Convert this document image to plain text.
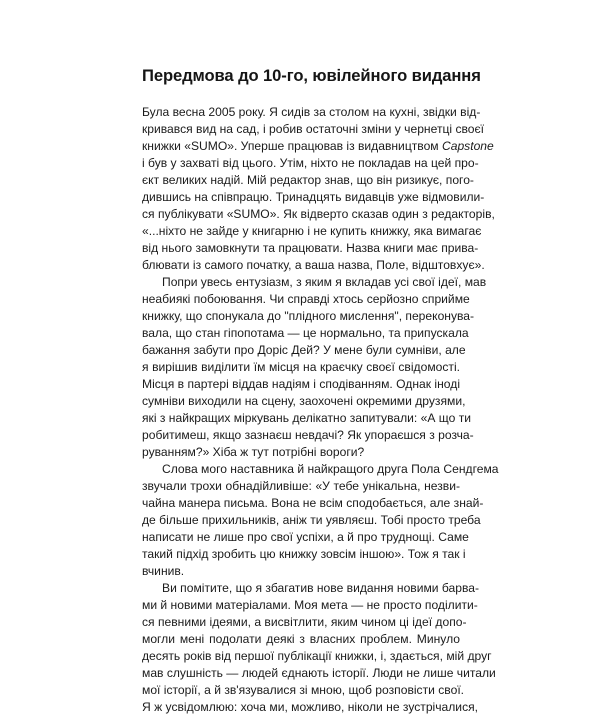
Передмова до 10-го, ювілейного видання
Була весна 2005 року. Я сидів за столом на кухні, звідки від-
кривався вид на сад, і робив остаточні зміни у чернетці своєї
книжки «SUMO». Уперше працював із видавництвом Capstone
і був у захваті від цього. Утім, ніхто не покладав на цей про-
єкт великих надій. Мій редактор знав, що він ризикує, пого-
дившись на співпрацю. Тринадцять видавців уже відмовили-
ся публікувати «SUMO». Як відверто сказав один з редакторів,
«...ніхто не зайде у книгарню і не купить книжку, яка вимагає
від нього замовкнути та працювати. Назва книги має прива-
блювати із самого початку, а ваша назва, Поле, відштовхує».
Попри увесь ентузіазм, з яким я вкладав усі свої ідеї, мав
неабиякі побоювання. Чи справді хтось серйозно сприйме
книжку, що спонукала до "плідного мислення", переконува-
вала, що стан гіпопотама — це нормально, та припускала
бажання забути про Доріс Дей? У мене були сумніви, але
я вирішив виділити їм місця на краєчку своєї свідомості.
Місця в партері віддав надіям і сподіванням. Однак іноді
сумніви виходили на сцену, заохочені окремими друзями,
які з найкращих міркувань делікатно запитували: «А що ти
робитимеш, якщо зазнаєш невдачі? Як упораєшся з розча-
руванням?» Хіба ж тут потрібні вороги?
Слова мого наставника й найкращого друга Пола Сендгема
звучали трохи обнадійливіше: «У тебе унікальна, незви-
чайна манера письма. Вона не всім сподобається, але знай-
де більше прихильників, аніж ти уявляєш. Тобі просто треба
написати не лише про свої успіхи, а й про труднощі. Саме
такий підхід зробить цю книжку зовсім іншою». Тож я так і
вчинив.
Ви помітите, що я збагатив нове видання новими барва-
ми й новими матеріалами. Моя мета — не просто поділити-
ся певними ідеями, а висвітлити, яким чином ці ідеї допо-
могли мені подолати деякі з власних проблем. Минуло
десять років від першої публікації книжки, і, здається, мій друг
мав слушність — людей єднають історії. Люди не лише читали
мої історії, а й зв'язувалися зі мною, щоб розповісти свої.
Я ж усвідомлюю: хоча ми, можливо, ніколи не зустрічалися,
